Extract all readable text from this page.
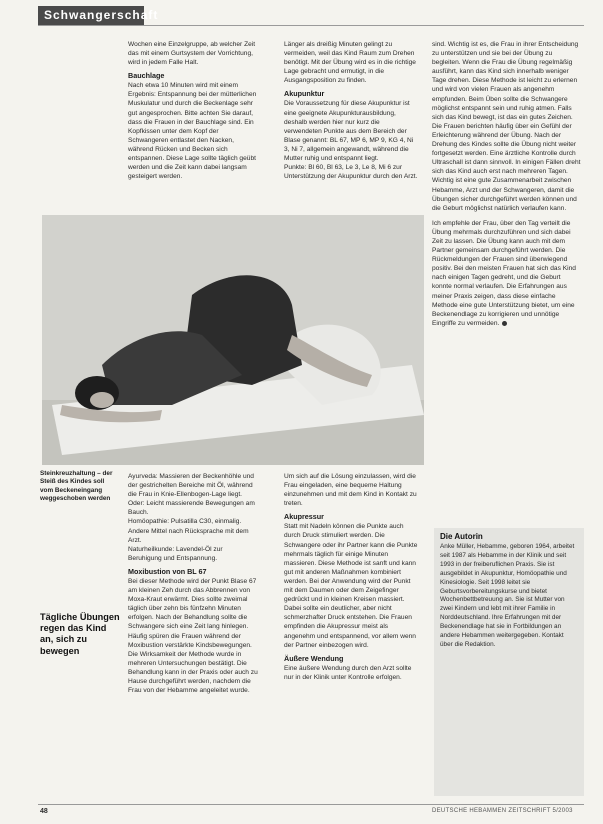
Schwangerschaft

Wochen eine Einzelgruppe, ab welcher Zeit das mit einem Gurtsystem der Vorrichtung, wird in jedem Falle Halt.

Bauchlage

Nach etwa 10 Minuten wird mit einem Ergebnis: Entspannung bei der mütterlichen Muskulatur und durch die Beckenlage sehr gut angesprochen. Bitte achten Sie darauf, dass die Frauen in der Bauchlage sind. Ein Kopfkissen unter dem Kopf der Schwangeren entlastet den Nacken, während Rücken und Becken sich entspannen. Diese Lage sollte täglich geübt werden und die Zeit kann dabei langsam gesteigert werden.

Länger als dreißig Minuten gelingt zu vermeiden, weil das Kind Raum zum Drehen benötigt. Mit der Übung wird es in die richtige Lage gebracht und ermutigt, in die Ausgangsposition zu finden.

Akupunktur

Die Voraussetzung für diese Akupunktur ist eine geeignete Akupunkturausbildung, deshalb werden hier nur kurz die verwendeten Punkte aus dem Bereich der Blase genannt: BL 67, MP 6, MP 9, KG 4, Ni 3, Ni 7, allgemein angewandt, während die Mutter ruhig und entspannt liegt.

Punkte: Bl 60, Bl 63, Le 3, Le 8, Mi 6 zur Unterstützung der Akupunktur durch den Arzt.

sind. Wichtig ist es, die Frau in ihrer Entscheidung zu unterstützen und sie bei der Übung zu begleiten. Wenn die Frau die Übung regelmäßig ausführt, kann das Kind sich innerhalb weniger Tage drehen. Diese Methode ist leicht zu erlernen und wird von vielen Frauen als angenehm empfunden. Beim Üben sollte die Schwangere möglichst entspannt sein und ruhig atmen. Falls sich das Kind bewegt, ist das ein gutes Zeichen. Die Frauen berichten häufig über ein Gefühl der Erleichterung während der Übung. Nach der Drehung des Kindes sollte die Übung nicht weiter fortgesetzt werden. Eine ärztliche Kontrolle durch Ultraschall ist dann sinnvoll. In einigen Fällen dreht sich das Kind auch erst nach mehreren Tagen. Wichtig ist eine gute Zusammenarbeit zwischen Hebamme, Arzt und der Schwangeren, damit die Übungen sicher durchgeführt werden können und die Geburt möglichst natürlich verlaufen kann.

Ich empfehle der Frau, über den Tag verteilt die Übung mehrmals durchzuführen und sich dabei Zeit zu lassen. Die Übung kann auch mit dem Partner gemeinsam durchgeführt werden. Die Rückmeldungen der Frauen sind überwiegend positiv. Bei den meisten Frauen hat sich das Kind nach einigen Tagen gedreht, und die Geburt konnte normal verlaufen. Die Erfahrungen aus meiner Praxis zeigen, dass diese einfache Methode eine gute Unterstützung bietet, um eine Beckenendlage zu korrigieren und unnötige Eingriffe zu vermeiden.

Steinkreuzhaltung – der Steiß des Kindes soll vom Beckeneingang weggeschoben werden
Tägliche Übungen regen das Kind an, sich zu bewegen

Ayurveda: Massieren der Beckenhöhle und der gestrichelten Bereiche mit Öl, während die Frau in Knie-Ellenbogen-Lage liegt. Oder: Leicht massierende Bewegungen am Bauch.

Homöopathie: Pulsatilla C30, einmalig. Andere Mittel nach Rücksprache mit dem Arzt.

Naturheilkunde: Lavendel-Öl zur Beruhigung und Entspannung.

Moxibustion von BL 67

Bei dieser Methode wird der Punkt Blase 67 am kleinen Zeh durch das Abbrennen von Moxa-Kraut erwärmt. Dies sollte zweimal täglich über zehn bis fünfzehn Minuten erfolgen. Nach der Behandlung sollte die Schwangere sich eine Zeit lang hinlegen. Häufig spüren die Frauen während der Moxibustion verstärkte Kindsbewegungen. Die Wirksamkeit der Methode wurde in mehreren Untersuchungen bestätigt. Die Behandlung kann in der Praxis oder auch zu Hause durchgeführt werden, nachdem die Frau von der Hebamme angeleitet wurde.

Um sich auf die Lösung einzulassen, wird die Frau eingeladen, eine bequeme Haltung einzunehmen und mit dem Kind in Kontakt zu treten.

Akupressur

Statt mit Nadeln können die Punkte auch durch Druck stimuliert werden. Die Schwangere oder ihr Partner kann die Punkte mehrmals täglich für einige Minuten massieren. Diese Methode ist sanft und kann gut mit anderen Maßnahmen kombiniert werden. Bei der Anwendung wird der Punkt mit dem Daumen oder dem Zeigefinger gedrückt und in kleinen Kreisen massiert. Dabei sollte ein deutlicher, aber nicht schmerzhafter Druck entstehen. Die Frauen empfinden die Akupressur meist als angenehm und entspannend, vor allem wenn der Partner einbezogen wird.

Äußere Wendung

Eine äußere Wendung durch den Arzt sollte nur in der Klinik unter Kontrolle erfolgen.

Die Autorin
Anke Müller, Hebamme, geboren 1964, arbeitet seit 1987 als Hebamme in der Klinik und seit 1993 in der freiberuflichen Praxis. Sie ist ausgebildet in Akupunktur, Homöopathie und Kinesiologie. Seit 1998 leitet sie Geburtsvorbereitungskurse und bietet Wochenbettbetreuung an. Sie ist Mutter von zwei Kindern und lebt mit ihrer Familie in Norddeutschland. Ihre Erfahrungen mit der Beckenendlage hat sie in Fortbildungen an andere Hebammen weitergegeben. Kontakt über die Redaktion.
48	DEUTSCHE HEBAMMEN ZEITSCHRIFT 5/2003
